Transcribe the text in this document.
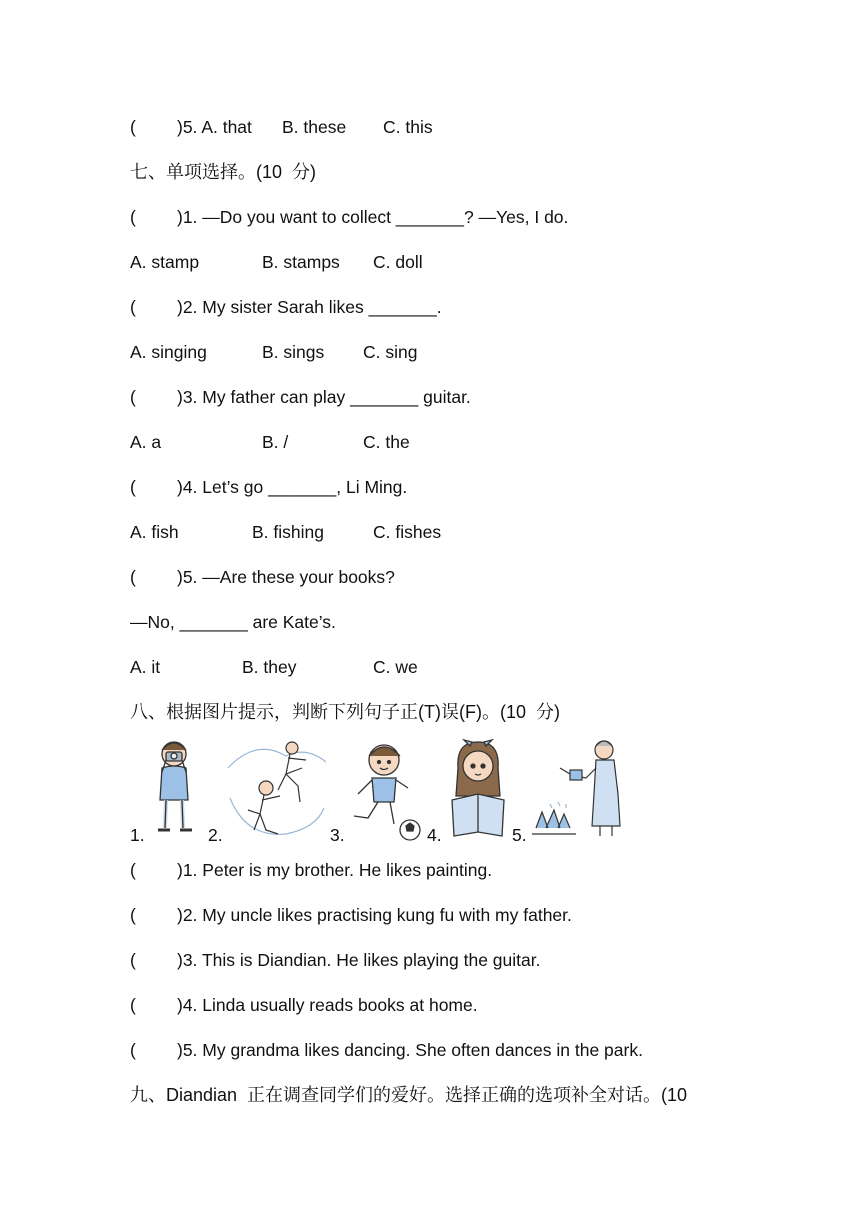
( )5. A. that B. these C. this
七、单项选择。(10  分)
( )1. —Do you want to collect _______? —Yes, I do.
A. stamp	B. stamps C. doll
( )2. My sister Sarah likes _______.
A. singing	B. sings C. sing
( )3. My father can play _______ guitar.
A. a	B. /	C. the
( )4. Let’s go _______, Li Ming.
A. fish	B. fishing	C. fishes
( )5. —Are these your books?
—No, _______ are Kate’s.
A. it	B. they	C. we
八、根据图片提示，判断下列句子正(T)误(F)。(10  分)
1.	2.	3.	4.	5.
( )1. Peter is my brother. He likes painting.
( )2. My uncle likes practising kung fu with my father.
( )3. This is Diandian. He likes playing the guitar.
( )4. Linda usually reads books at home.
( )5. My grandma likes dancing. She often dances in the park.
九、Diandian  正在调查同学们的爱好。选择正确的选项补全对话。(10
